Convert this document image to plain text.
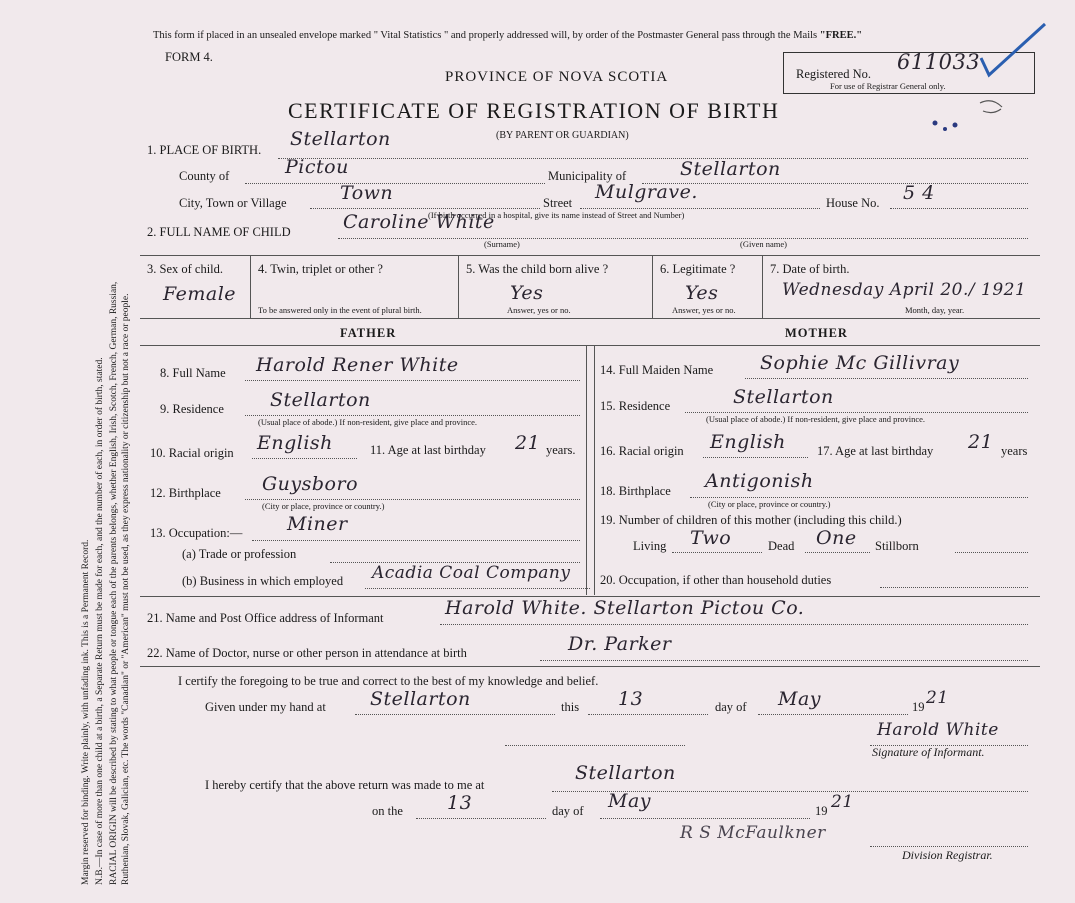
Margin reserved for binding. Write plainly, with unfading ink. This is a Permanent Record. N.B.—In case of more than one child at a birth, a Separate Return must be made for each, and the number of each, in order of birth, stated. RACIAL ORIGIN will be described by stating to what people or tongue each of the parents belongs, whether English, Irish, Scotch, French, German, Russian, Ruthenian, Slovak, Galician, etc. The words "Canadian" or "American" must not be used, as they express nationality or citizenship but not a race or people.
This form if placed in an unsealed envelope marked " Vital Statistics " and properly addressed will, by order of the Postmaster General pass through the Mails "FREE."
FORM 4.
PROVINCE OF NOVA SCOTIA
CERTIFICATE OF REGISTRATION OF BIRTH
(BY PARENT OR GUARDIAN)
Registered No. 611033
For use of Registrar General only.
1. PLACE OF BIRTH. Stellarton
County of	Pictou	Municipality of	Stellarton
City, Town or Village	Town	Street Mulgrave.	House No. 5 4
(If birth occurred in a hospital, give its name instead of Street and Number)
2. FULL NAME OF CHILD	Caroline White
(Surname)	(Given name)
3. Sex of child.
Female
4. Twin, triplet or other ?
To be answered only in the event of plural birth.
5. Was the child born alive ?
Yes
Answer, yes or no.
6. Legitimate ?
Yes
Answer, yes or no.
7. Date of birth.
Wednesday April 20./ 1921
Month, day, year.
FATHER	MOTHER
8. Full Name Harold Rener White
9. Residence Stellarton
(Usual place of abode.) If non-resident, give place and province.
10. Racial origin English	11. Age at last birthday 21 years.
12. Birthplace Guysboro
(City or place, province or country.)
13. Occupation:— Miner
(a) Trade or profession
(b) Business in which employed Acadia Coal Company
14. Full Maiden Name Sophie Mc Gillivray
15. Residence	Stellarton
(Usual place of abode.) If non-resident, give place and province.
16. Racial origin English 17. Age at last birthday 21 years
18. Birthplace Antigonish
(City or place, province or country.)
19. Number of children of this mother (including this child.)
Living Two	Dead One Stillborn
20. Occupation, if other than household duties
21. Name and Post Office address of Informant	Harold White. Stellarton Pictou Co.
22. Name of Doctor, nurse or other person in attendance at birth	Dr. Parker
I certify the foregoing to be true and correct to the best of my knowledge and belief.
Given under my hand at Stellarton	this 13	day of May	19 21
Harold White
Signature of Informant.
I hereby certify that the above return was made to me at
Stellarton
on the 13	day of May	19 21
R S McFaulkner
Division Registrar.
